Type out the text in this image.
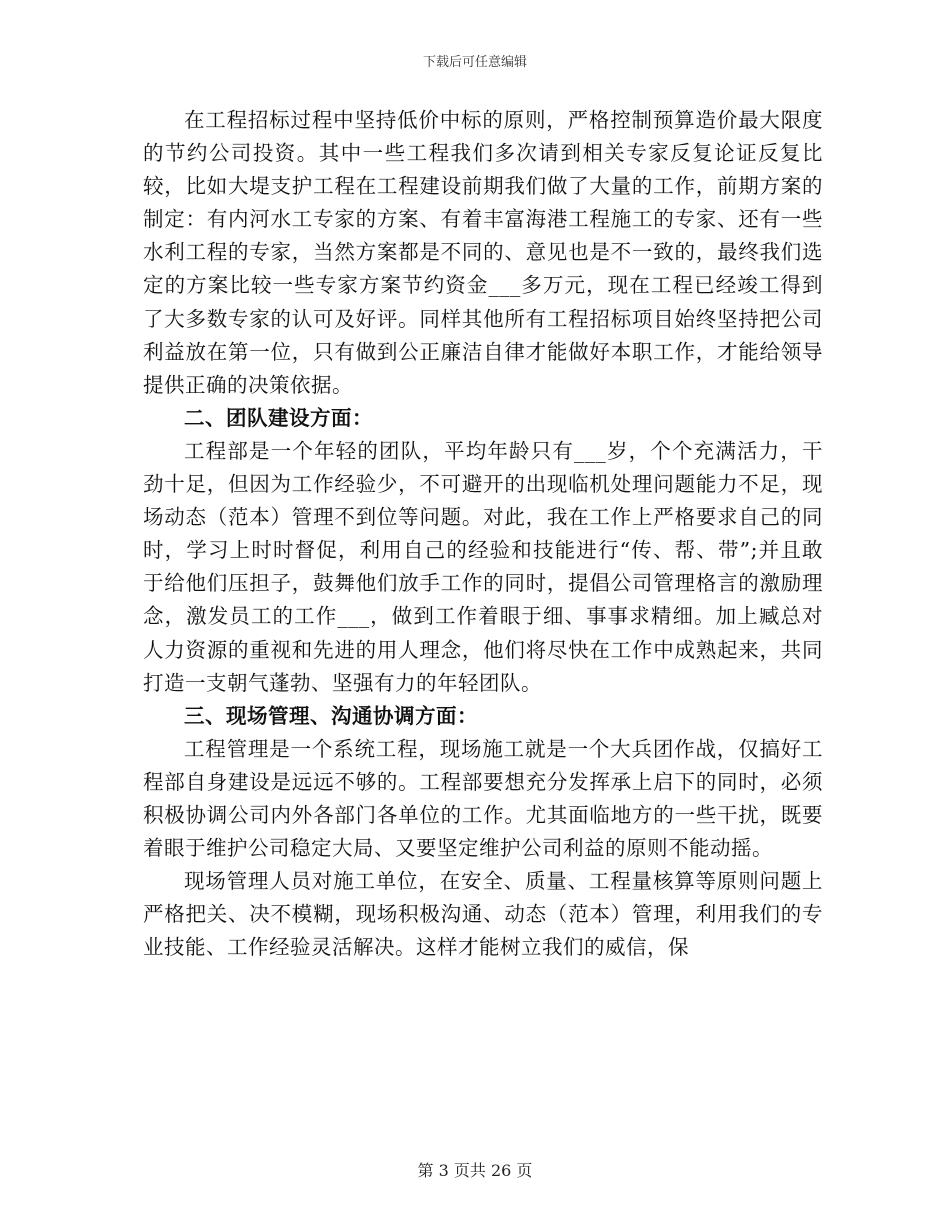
下载后可任意编辑

在工程招标过程中坚持低价中标的原则，严格控制预算造价最大限度的节约公司投资。其中一些工程我们多次请到相关专家反复论证反复比较，比如大堤支护工程在工程建设前期我们做了大量的工作，前期方案的制定：有内河水工专家的方案、有着丰富海港工程施工的专家、还有一些水利工程的专家，当然方案都是不同的、意见也是不一致的，最终我们选定的方案比较一些专家方案节约资金___多万元，现在工程已经竣工得到了大多数专家的认可及好评。同样其他所有工程招标项目始终坚持把公司利益放在第一位，只有做到公正廉洁自律才能做好本职工作，才能给领导提供正确的决策依据。

二、团队建设方面：

工程部是一个年轻的团队，平均年龄只有___岁，个个充满活力，干劲十足，但因为工作经验少，不可避开的出现临机处理问题能力不足，现场动态（范本）管理不到位等问题。对此，我在工作上严格要求自己的同时，学习上时时督促，利用自己的经验和技能进行“传、帮、带”;并且敢于给他们压担子，鼓舞他们放手工作的同时，提倡公司管理格言的激励理念，激发员工的工作___，做到工作着眼于细、事事求精细。加上臧总对人力资源的重视和先进的用人理念，他们将尽快在工作中成熟起来，共同打造一支朝气蓬勃、坚强有力的年轻团队。

三、现场管理、沟通协调方面：

工程管理是一个系统工程，现场施工就是一个大兵团作战，仅搞好工程部自身建设是远远不够的。工程部要想充分发挥承上启下的同时，必须积极协调公司内外各部门各单位的工作。尤其面临地方的一些干扰，既要着眼于维护公司稳定大局、又要坚定维护公司利益的原则不能动摇。

现场管理人员对施工单位，在安全、质量、工程量核算等原则问题上严格把关、决不模糊，现场积极沟通、动态（范本）管理，利用我们的专业技能、工作经验灵活解决。这样才能树立我们的威信，保

第 3 页共 26 页
